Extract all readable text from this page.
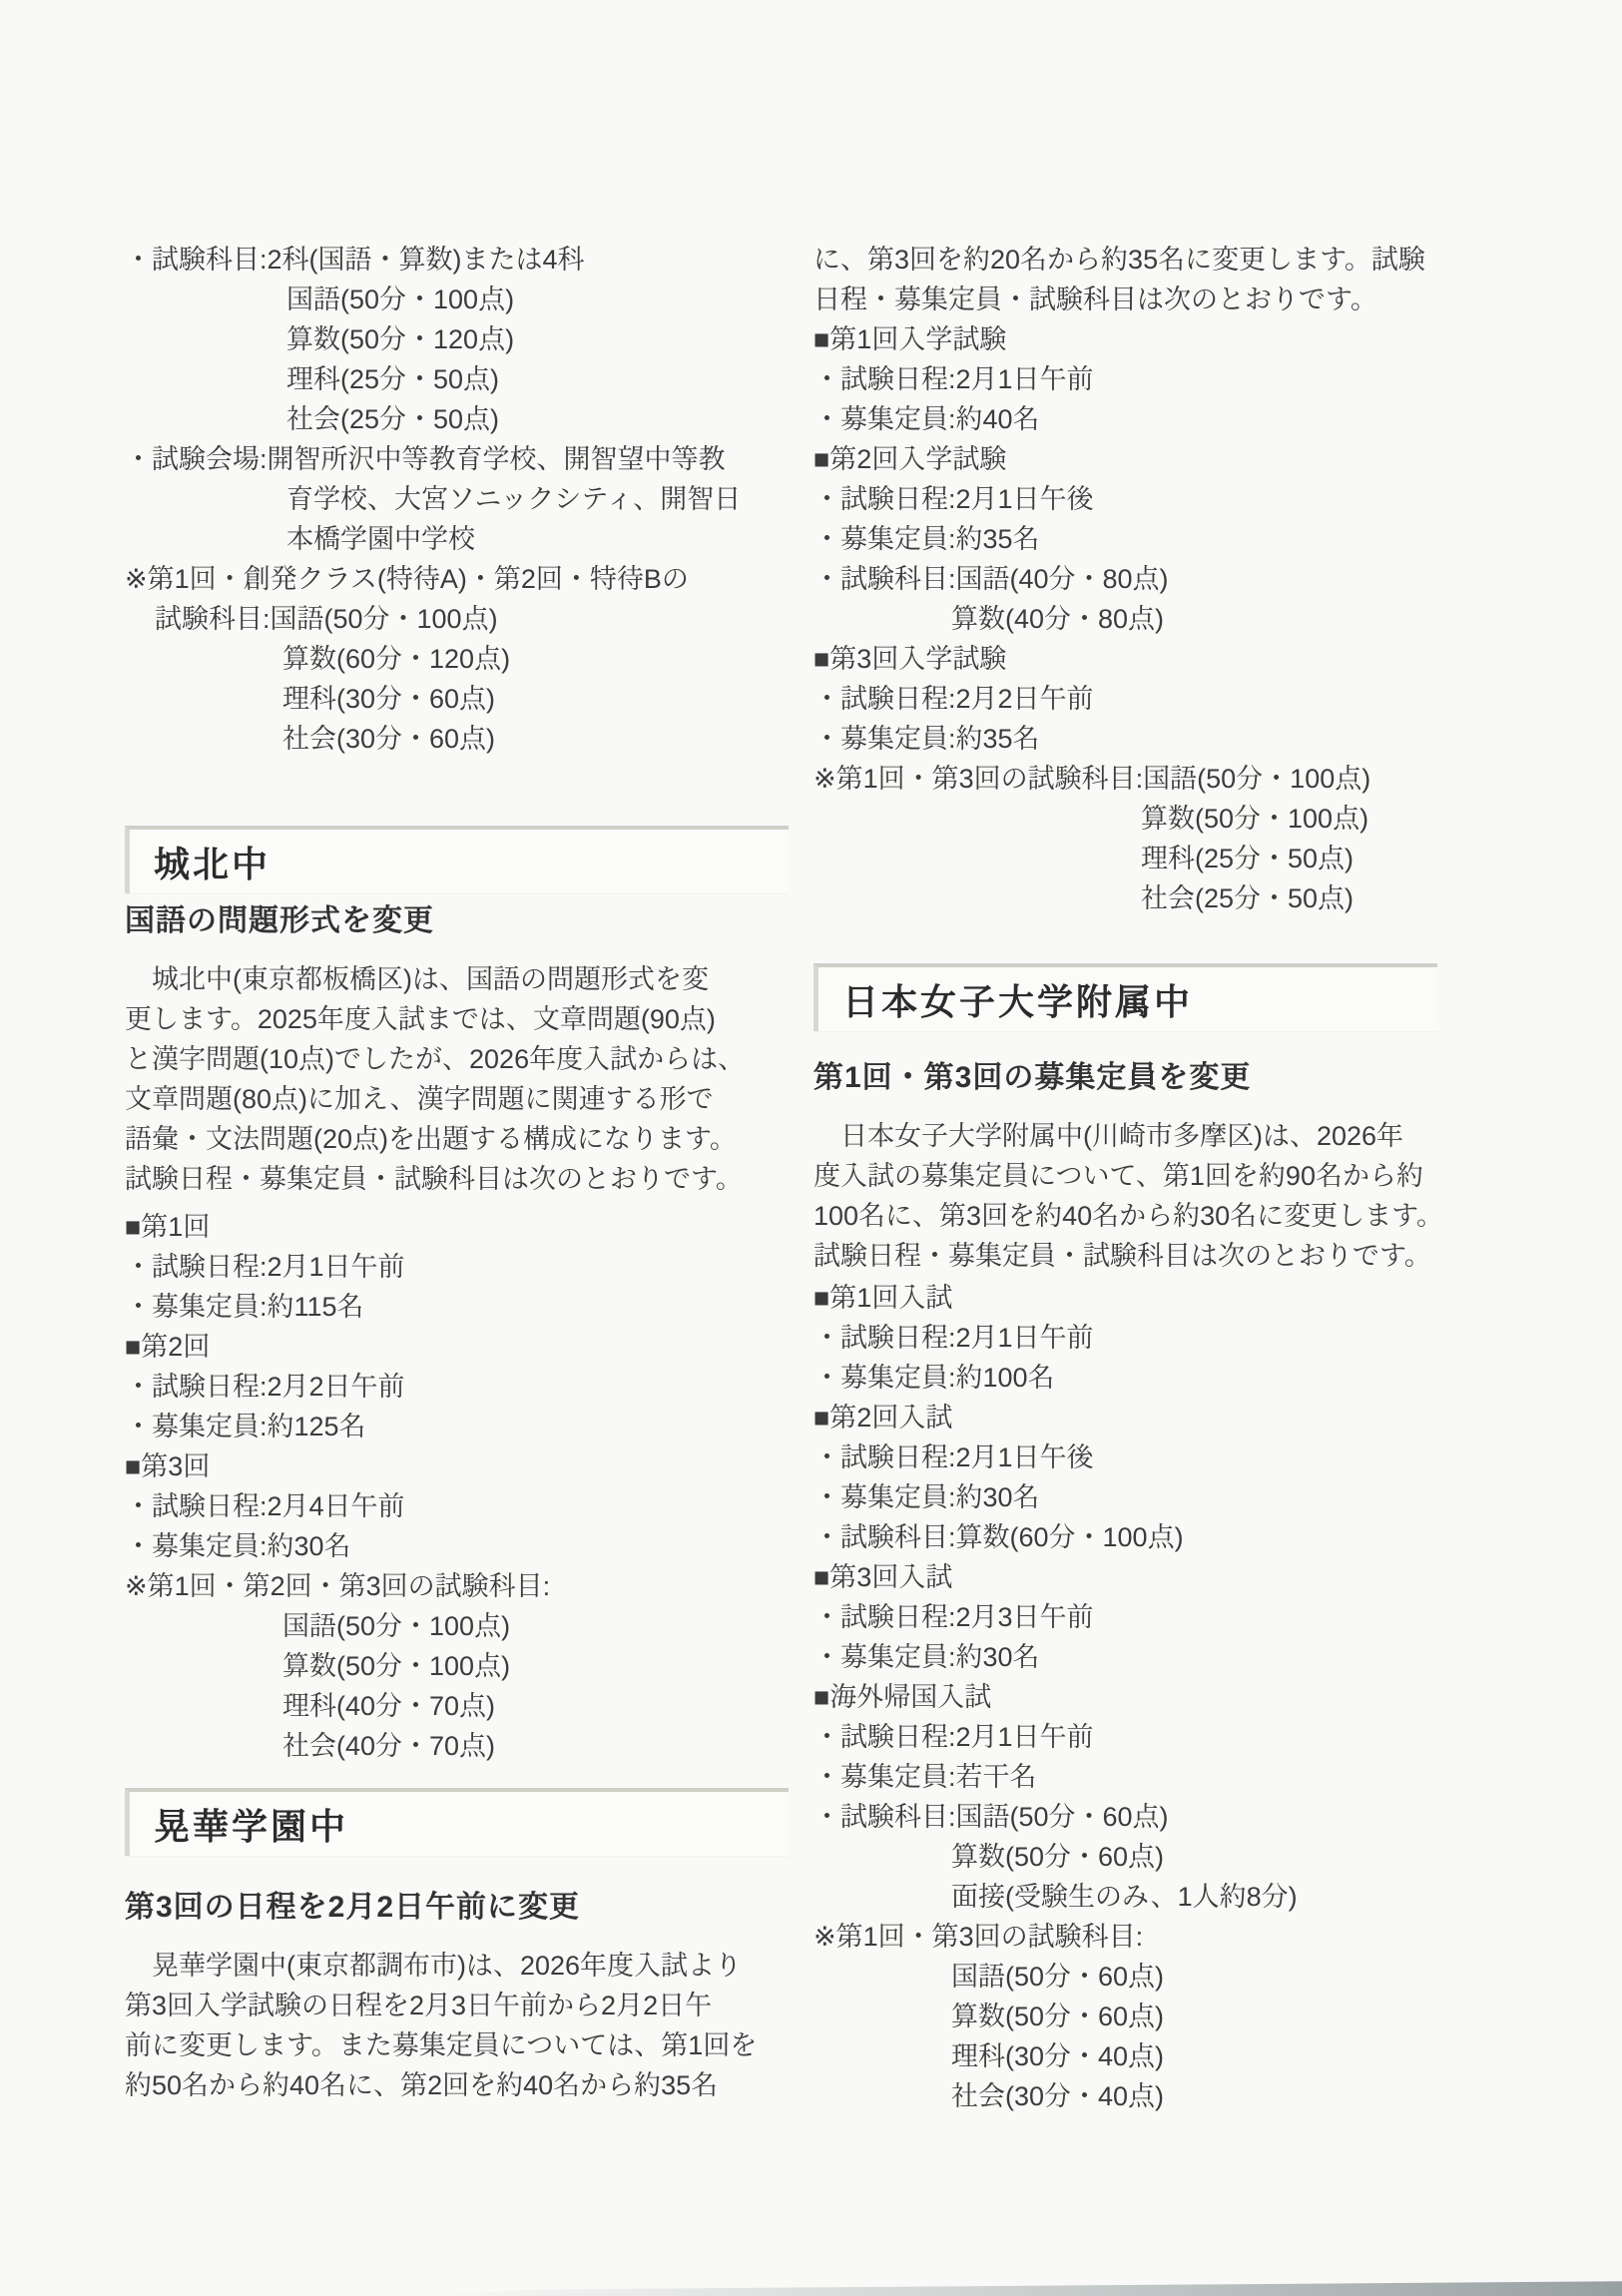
・試験科目:2科(国語・算数)または4科
国語(50分・100点)
算数(50分・120点)
理科(25分・50点)
社会(25分・50点)
・試験会場:開智所沢中等教育学校、開智望中等教
育学校、大宮ソニックシティ、開智日
本橋学園中学校
※第1回・創発クラス(特待A)・第2回・特待Bの
試験科目:国語(50分・100点)
算数(60分・120点)
理科(30分・60点)
社会(30分・60点)
城北中
国語の問題形式を変更
城北中(東京都板橋区)は、国語の問題形式を変
更します。2025年度入試までは、文章問題(90点)
と漢字問題(10点)でしたが、2026年度入試からは、
文章問題(80点)に加え、漢字問題に関連する形で
語彙・文法問題(20点)を出題する構成になります。
試験日程・募集定員・試験科目は次のとおりです。
■第1回
・試験日程:2月1日午前
・募集定員:約115名
■第2回
・試験日程:2月2日午前
・募集定員:約125名
■第3回
・試験日程:2月4日午前
・募集定員:約30名
※第1回・第2回・第3回の試験科目:
国語(50分・100点)
算数(50分・100点)
理科(40分・70点)
社会(40分・70点)
晃華学園中
第3回の日程を2月2日午前に変更
晃華学園中(東京都調布市)は、2026年度入試より
第3回入学試験の日程を2月3日午前から2月2日午
前に変更します。また募集定員については、第1回を
約50名から約40名に、第2回を約40名から約35名
に、第3回を約20名から約35名に変更します。試験
日程・募集定員・試験科目は次のとおりです。
■第1回入学試験
・試験日程:2月1日午前
・募集定員:約40名
■第2回入学試験
・試験日程:2月1日午後
・募集定員:約35名
・試験科目:国語(40分・80点)
算数(40分・80点)
■第3回入学試験
・試験日程:2月2日午前
・募集定員:約35名
※第1回・第3回の試験科目:国語(50分・100点)
算数(50分・100点)
理科(25分・50点)
社会(25分・50点)
日本女子大学附属中
第1回・第3回の募集定員を変更
日本女子大学附属中(川崎市多摩区)は、2026年
度入試の募集定員について、第1回を約90名から約
100名に、第3回を約40名から約30名に変更します。
試験日程・募集定員・試験科目は次のとおりです。
■第1回入試
・試験日程:2月1日午前
・募集定員:約100名
■第2回入試
・試験日程:2月1日午後
・募集定員:約30名
・試験科目:算数(60分・100点)
■第3回入試
・試験日程:2月3日午前
・募集定員:約30名
■海外帰国入試
・試験日程:2月1日午前
・募集定員:若干名
・試験科目:国語(50分・60点)
算数(50分・60点)
面接(受験生のみ、1人約8分)
※第1回・第3回の試験科目:
国語(50分・60点)
算数(50分・60点)
理科(30分・40点)
社会(30分・40点)
